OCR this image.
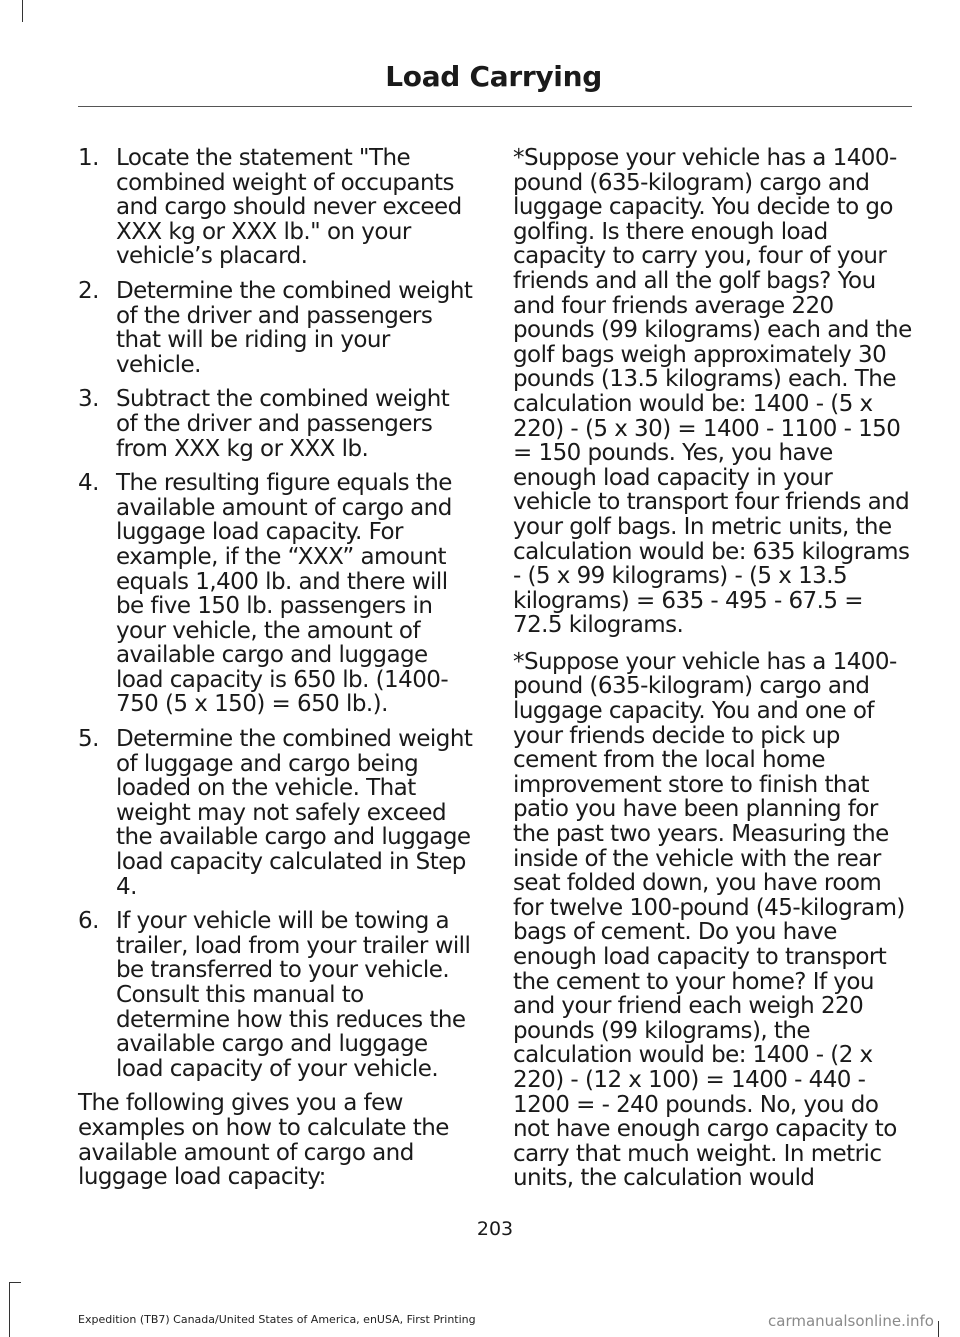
Load Carrying
1. Locate the statement "The combined weight of occupants and cargo should never exceed XXX kg or XXX lb." on your vehicle’s placard.
2. Determine the combined weight of the driver and passengers that will be riding in your vehicle.
3. Subtract the combined weight of the driver and passengers from XXX kg or XXX lb.
4. The resulting figure equals the available amount of cargo and luggage load capacity. For example, if the “XXX” amount equals 1,400 lb. and there will be five 150 lb. passengers in your vehicle, the amount of available cargo and luggage load capacity is 650 lb. (1400-750 (5 x 150) = 650 lb.).
5. Determine the combined weight of luggage and cargo being loaded on the vehicle. That weight may not safely exceed the available cargo and luggage load capacity calculated in Step 4.
6. If your vehicle will be towing a trailer, load from your trailer will be transferred to your vehicle. Consult this manual to determine how this reduces the available cargo and luggage load capacity of your vehicle.

The following gives you a few examples on how to calculate the available amount of cargo and luggage load capacity:

*Suppose your vehicle has a 1400-pound (635-kilogram) cargo and luggage capacity. You decide to go golfing. Is there enough load capacity to carry you, four of your friends and all the golf bags? You and four friends average 220 pounds (99 kilograms) each and the golf bags weigh approximately 30 pounds (13.5 kilograms) each. The calculation would be: 1400 - (5 x 220) - (5 x 30) = 1400 - 1100 - 150 = 150 pounds. Yes, you have enough load capacity in your vehicle to transport four friends and your golf bags. In metric units, the calculation would be: 635 kilograms - (5 x 99 kilograms) - (5 x 13.5 kilograms) = 635 - 495 - 67.5 = 72.5 kilograms.

*Suppose your vehicle has a 1400-pound (635-kilogram) cargo and luggage capacity. You and one of your friends decide to pick up cement from the local home improvement store to finish that patio you have been planning for the past two years. Measuring the inside of the vehicle with the rear seat folded down, you have room for twelve 100-pound (45-kilogram) bags of cement. Do you have enough load capacity to transport the cement to your home? If you and your friend each weigh 220 pounds (99 kilograms), the calculation would be: 1400 - (2 x 220) - (12 x 100) = 1400 - 440 - 1200 = - 240 pounds. No, you do not have enough cargo capacity to carry that much weight. In metric units, the calculation would

203
Expedition (TB7) Canada/United States of America, enUSA, First Printing	carmanualsonline.info
